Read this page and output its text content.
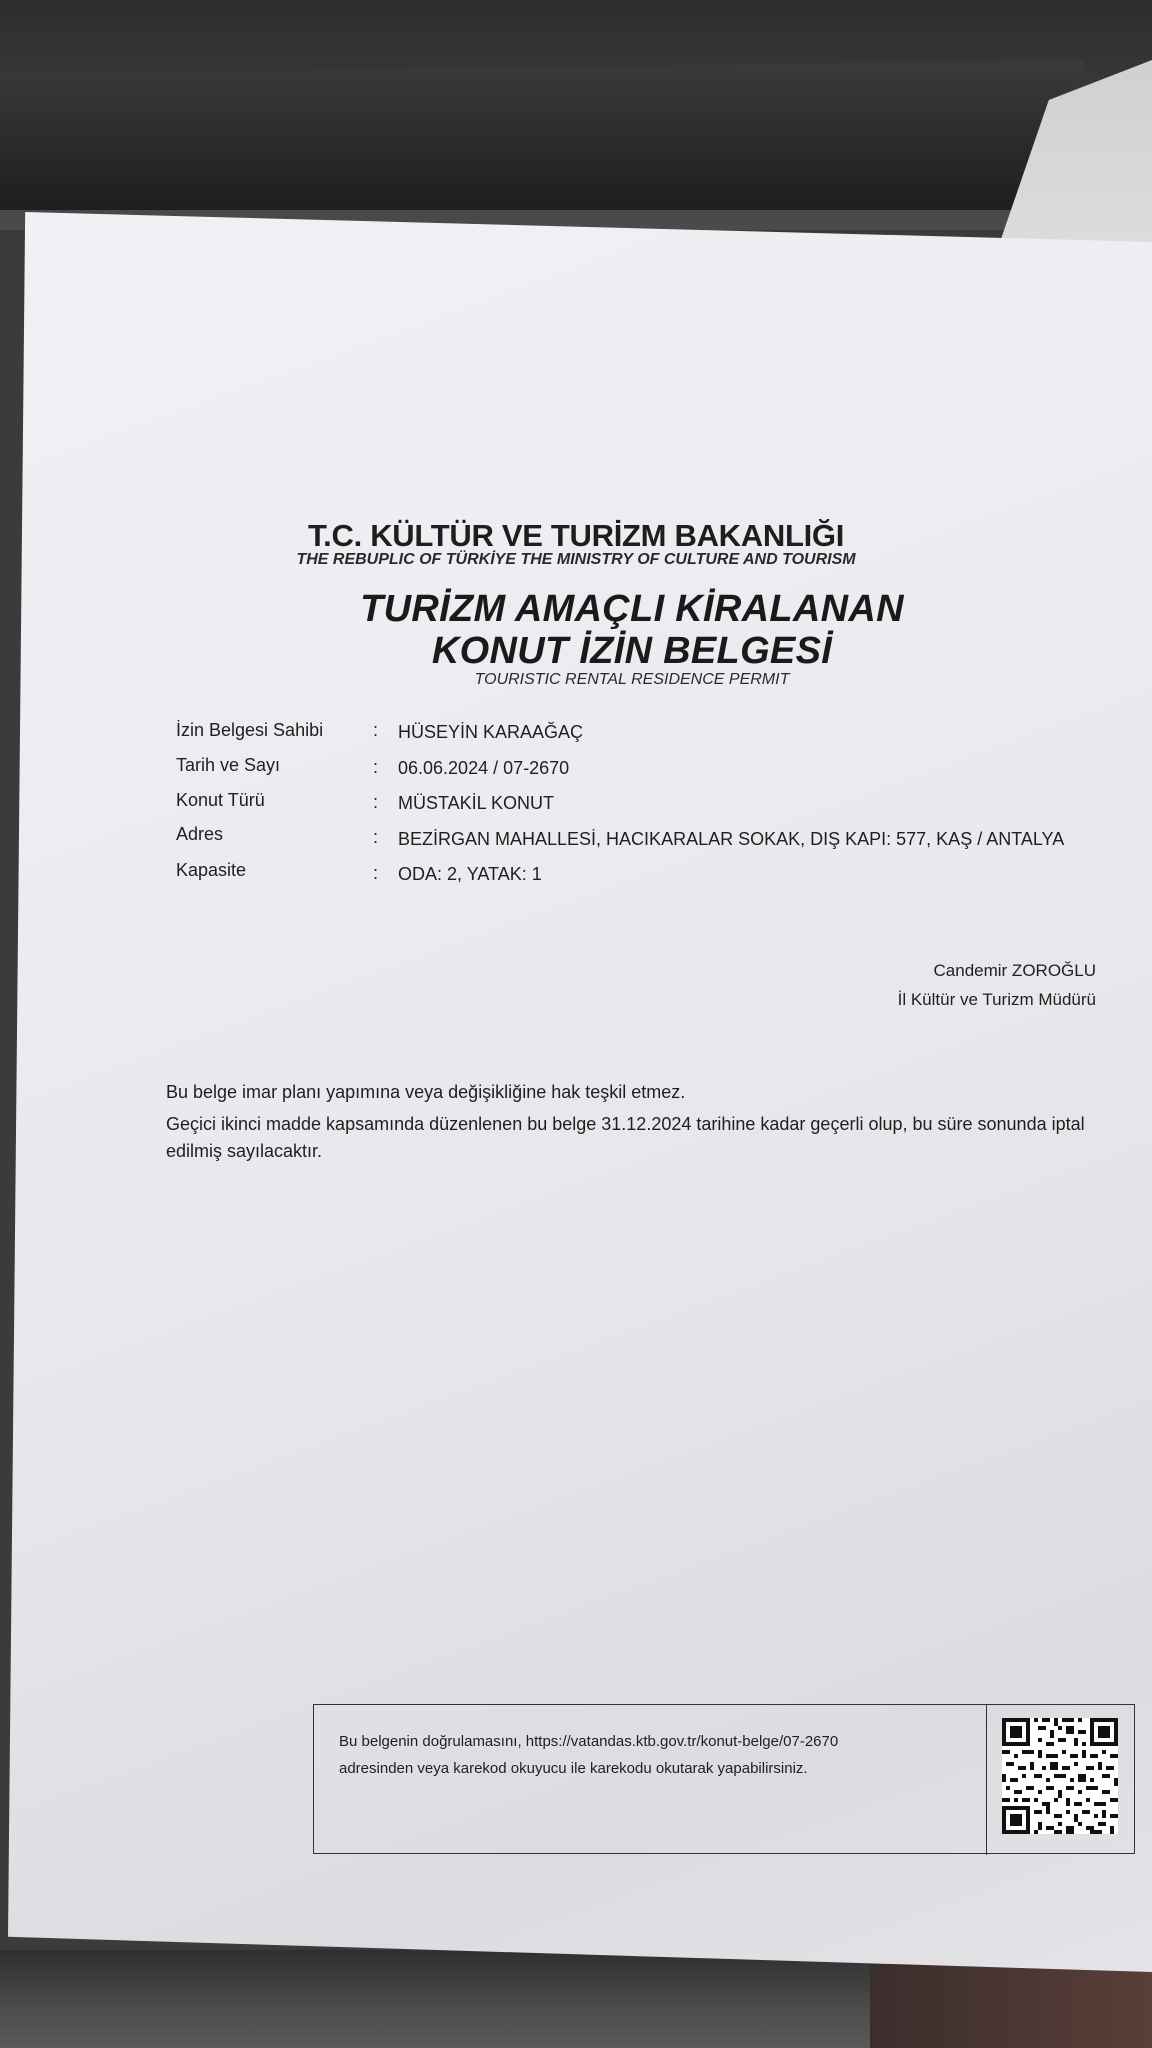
T.C. KÜLTÜR VE TURİZM BAKANLIĞI
THE REBUPLIC OF TÜRKİYE THE MINISTRY OF CULTURE AND TOURISM
TURİZM AMAÇLI KİRALANAN
KONUT İZİN BELGESİ
TOURISTIC RENTAL RESIDENCE PERMIT
İzin Belgesi Sahibi	: HÜSEYİN KARAAĞAÇ
Tarih ve Sayı	: 06.06.2024 / 07-2670
Konut Türü	: MÜSTAKİL KONUT
Adres	: BEZİRGAN MAHALLESİ, HACIKARALAR SOKAK, DIŞ KAPI: 577, KAŞ / ANTALYA
Kapasite	: ODA: 2, YATAK: 1
Candemir ZOROĞLU
İl Kültür ve Turizm Müdürü
Bu belge imar planı yapımına veya değişikliğine hak teşkil etmez.
Geçici ikinci madde kapsamında düzenlenen bu belge 31.12.2024 tarihine kadar geçerli olup, bu süre sonunda iptal
edilmiş sayılacaktır.
Bu belgenin doğrulamasını, https://vatandas.ktb.gov.tr/konut-belge/07-2670
adresinden veya karekod okuyucu ile karekodu okutarak yapabilirsiniz.
